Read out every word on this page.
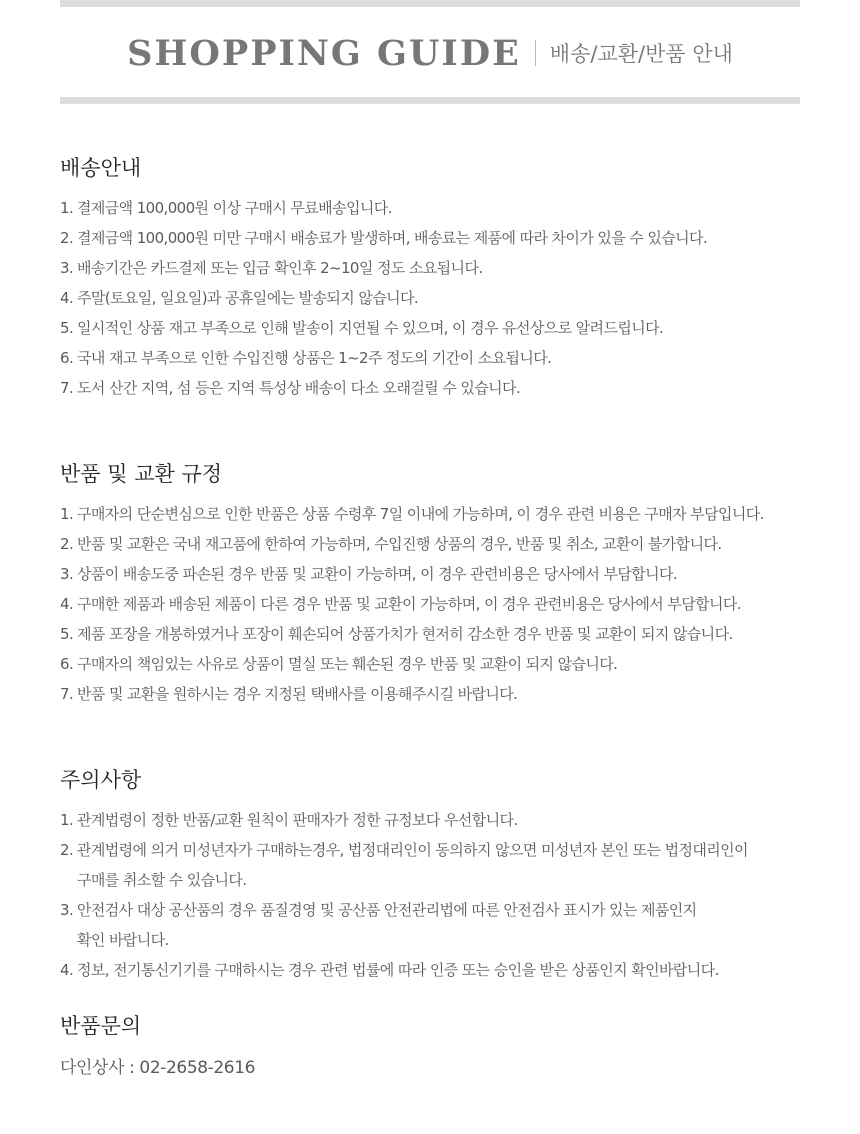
SHOPPING GUIDE 배송/교환/반품 안내
배송안내
1. 결제금액 100,000원 이상 구매시 무료배송입니다.
2. 결제금액 100,000원 미만 구매시 배송료가 발생하며, 배송료는 제품에 따라 차이가 있을 수 있습니다.
3. 배송기간은 카드결제 또는 입금 확인후 2~10일 정도 소요됩니다.
4. 주말(토요일, 일요일)과 공휴일에는 발송되지 않습니다.
5. 일시적인 상품 재고 부족으로 인해 발송이 지연될 수 있으며, 이 경우 유선상으로 알려드립니다.
6. 국내 재고 부족으로 인한 수입진행 상품은 1~2주 정도의 기간이 소요됩니다.
7. 도서 산간 지역, 섬 등은 지역 특성상 배송이 다소 오래걸릴 수 있습니다.
반품 및 교환 규정
1. 구매자의 단순변심으로 인한 반품은 상품 수령후 7일 이내에 가능하며, 이 경우 관련 비용은 구매자 부담입니다.
2. 반품 및 교환은 국내 재고품에 한하여 가능하며, 수입진행 상품의 경우, 반품 및 취소, 교환이 불가합니다.
3. 상품이 배송도중 파손된 경우 반품 및 교환이 가능하며, 이 경우 관련비용은 당사에서 부담합니다.
4. 구매한 제품과 배송된 제품이 다른 경우 반품 및 교환이 가능하며, 이 경우 관련비용은 당사에서 부담합니다.
5. 제품 포장을 개봉하였거나 포장이 훼손되어 상품가치가 현저히 감소한 경우 반품 및 교환이 되지 않습니다.
6. 구매자의 책임있는 사유로 상품이 멸실 또는 훼손된 경우 반품 및 교환이 되지 않습니다.
7. 반품 및 교환을 원하시는 경우 지정된 택배사를 이용해주시길 바랍니다.
주의사항
1. 관계법령이 정한 반품/교환 원칙이 판매자가 정한 규정보다 우선합니다.
2. 관계법령에 의거 미성년자가 구매하는경우, 법정대리인이 동의하지 않으면 미성년자 본인 또는 법정대리인이
구매를 취소할 수 있습니다.
3. 안전검사 대상 공산품의 경우 품질경영 및 공산품 안전관리법에 따른 안전검사 표시가 있는 제품인지
확인 바랍니다.
4. 정보, 전기통신기기를 구매하시는 경우 관련 법률에 따라 인증 또는 승인을 받은 상품인지 확인바랍니다.
반품문의
다인상사 : 02-2658-2616
